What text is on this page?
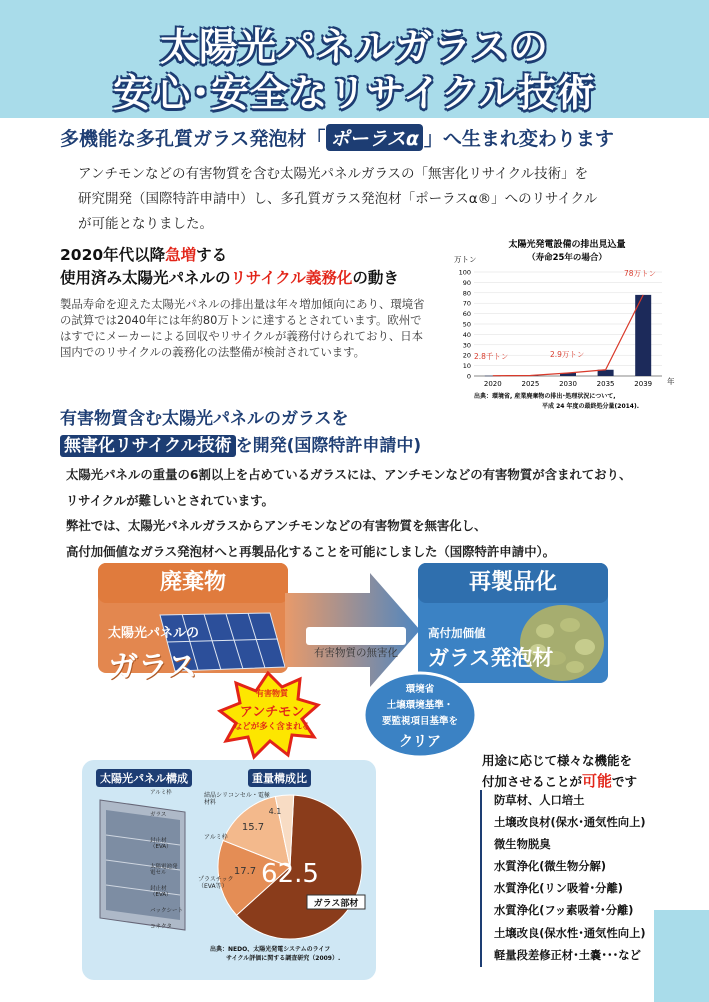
太陽光パネルガラスの
安心･安全なリサイクル技術
多機能な多孔質ガラス発泡材「 ポーラスα 」へ生まれ変わります
アンチモンなどの有害物質を含む太陽光パネルガラスの「無害化リサイクル技術」を
研究開発（国際特許申請中）し、多孔質ガラス発泡材「ポーラスα®」へのリサイクル
が可能となりました。
2020年代以降急増する
使用済み太陽光パネルのリサイクル義務化の動き
製品寿命を迎えた太陽光パネルの排出量は年々増加傾向にあり、環境省の試算では2040年には年約80万トンに達するとされています。欧州ではすでにメーカーによる回収やリサイクルが義務付けられており、日本国内でのリサイクルの義務化の法整備が検討されています。
太陽光発電設備の排出見込量
（寿命25年の場合）
万トン
年
0
10
20
30
40
50
60
70
80
90
100
2020	2025	2030	2035	2039
2.8千トン	2.9万トン
78万トン
出典：環境省, 産業廃棄物の排出･処理状況について,
平成 24 年度の最終処分量(2014).
有害物質含む太陽光パネルのガラスを
無害化リサイクル技術 を開発(国際特許申請中)
太陽光パネルの重量の6割以上を占めているガラスには、アンチモンなどの有害物質が含まれており、
リサイクルが難しいとされています。
弊社では、太陽光パネルガラスからアンチモンなどの有害物質を無害化し、
高付加価値なガラス発泡材へと再製品化することを可能にしました（国際特許申請中）。
廃棄物
太陽光パネルの
ガラス
ガラス発泡技術
有害物質の無害化
再製品化
高付加価値
ガラス発泡材
有害物質
アンチモン
などが多く含まれる
環境省
土壌環境基準・
要監視項目基準を
クリア
用途に応じて様々な機能を
付加させることが可能です
防草材、人口培土
土壌改良材(保水･通気性向上)
微生物脱臭
水質浄化(微生物分解)
水質浄化(リン吸着･分離)
水質浄化(フッ素吸着･分離)
土壌改良(保水性･通気性向上)
軽量段差修正材･土嚢･･･など
太陽光パネル構成	重量構成比
アルミ枠
ガラス
封止材（EVA）
太陽電池発電セル
封止材（EVA）
バックシート
コネクタ
62.5
17.7
15.7
4.1
ガラス部材
結晶シリコンセル・電極材料
アルミ枠
プラスチック（EVA等）
出典：NEDO、太陽光発電システムのライフ
サイクル評価に関する調査研究（2009）.
